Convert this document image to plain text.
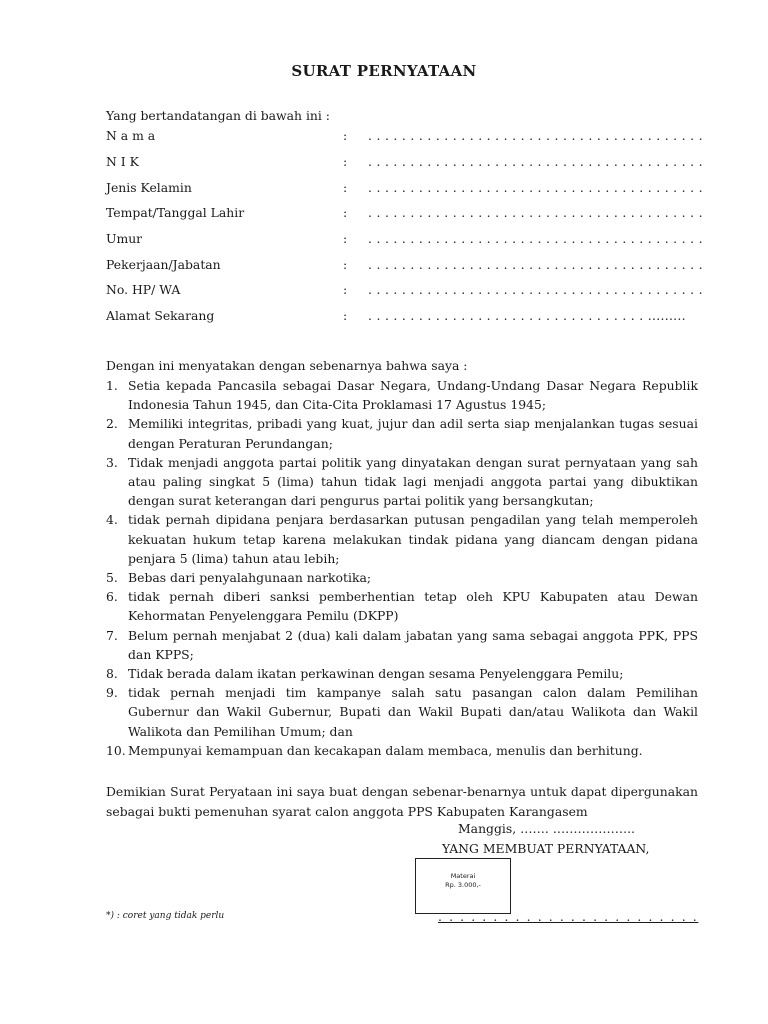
SURAT PERNYATAAN
Yang bertandatangan di bawah ini :
N a m a	: . . . . . . . . . . . . . . . . . . . . . . . . . . . . . . . . . . . . . . . .
N I K	: . . . . . . . . . . . . . . . . . . . . . . . . . . . . . . . . . . . . . . . .
Jenis Kelamin	: . . . . . . . . . . . . . . . . . . . . . . . . . . . . . . . . . . . . . . . .
Tempat/Tanggal Lahir	: . . . . . . . . . . . . . . . . . . . . . . . . . . . . . . . . . . . . . . . .
Umur	: . . . . . . . . . . . . . . . . . . . . . . . . . . . . . . . . . . . . . . . .
Pekerjaan/Jabatan	: . . . . . . . . . . . . . . . . . . . . . . . . . . . . . . . . . . . . . . . .
No. HP/ WA	: . . . . . . . . . . . . . . . . . . . . . . . . . . . . . . . . . . . . . . . .
Alamat Sekarang	: . . . . . . . . . . . . . . . . . . . . . . . . . . . . . . . . . .........
Dengan ini menyatakan dengan sebenarnya bahwa saya :
1. Setia kepada Pancasila sebagai Dasar Negara, Undang-Undang Dasar Negara Republik Indonesia Tahun 1945, dan Cita-Cita Proklamasi 17 Agustus 1945;
2. Memiliki integritas, pribadi yang kuat, jujur dan adil serta siap menjalankan tugas sesuai dengan Peraturan Perundangan;
3. Tidak menjadi anggota partai politik yang dinyatakan dengan surat pernyataan yang sah atau paling singkat 5 (lima) tahun tidak lagi menjadi anggota partai yang dibuktikan dengan surat keterangan dari pengurus partai politik yang bersangkutan;
4. tidak pernah dipidana penjara berdasarkan putusan pengadilan yang telah memperoleh kekuatan hukum tetap karena melakukan tindak pidana yang diancam dengan pidana penjara 5 (lima) tahun atau lebih;
5. Bebas dari penyalahgunaan narkotika;
6. tidak pernah diberi sanksi pemberhentian tetap oleh KPU Kabupaten atau Dewan Kehormatan Penyelenggara Pemilu (DKPP)
7. Belum pernah menjabat 2 (dua) kali dalam jabatan yang sama sebagai anggota PPK, PPS dan KPPS;
8. Tidak berada dalam ikatan perkawinan dengan sesama Penyelenggara Pemilu;
9. tidak pernah menjadi tim kampanye salah satu pasangan calon dalam Pemilihan Gubernur dan Wakil Gubernur, Bupati dan Wakil Bupati dan/atau Walikota dan Wakil Walikota dan Pemilihan Umum; dan
10. Mempunyai kemampuan dan kecakapan dalam membaca, menulis dan berhitung.
Demikian Surat Peryataan ini saya buat dengan sebenar-benarnya untuk dapat dipergunakan sebagai bukti pemenuhan syarat calon anggota PPS Kabupaten Karangasem
Manggis, ……. ………………..
YANG MEMBUAT PERNYATAAN,
Materai
Rp. 3.000,-
*) : coret yang tidak perlu	. . . . . . . . . . . . . . . . . . . . . . . .
